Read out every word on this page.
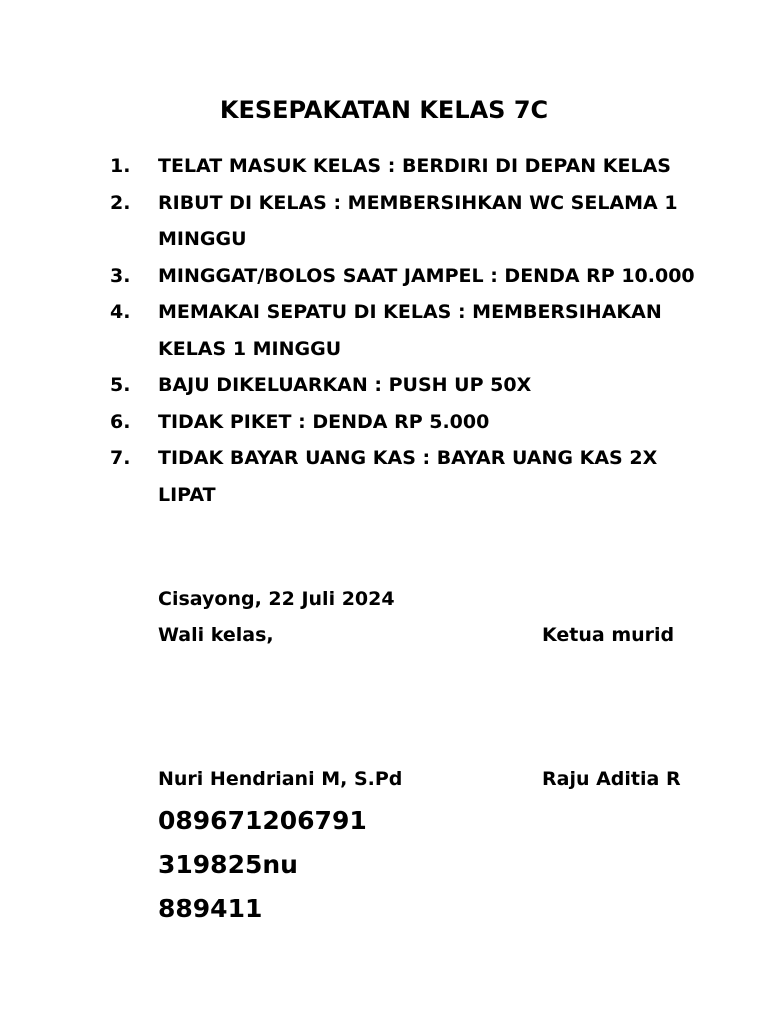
KESEPAKATAN KELAS 7C
1.	TELAT MASUK KELAS : BERDIRI DI DEPAN KELAS
2.	RIBUT DI KELAS : MEMBERSIHKAN WC SELAMA 1 MINGGU
3.	MINGGAT/BOLOS SAAT JAMPEL : DENDA RP 10.000
4.	MEMAKAI SEPATU DI KELAS : MEMBERSIHAKAN KELAS 1 MINGGU
5.	BAJU DIKELUARKAN : PUSH UP 50X
6.	TIDAK PIKET : DENDA RP 5.000
7.	TIDAK BAYAR UANG KAS : BAYAR UANG KAS 2X LIPAT
Cisayong, 22 Juli 2024
Wali kelas,	Ketua murid
Nuri Hendriani M, S.Pd	Raju Aditia R
089671206791
319825nu
889411
